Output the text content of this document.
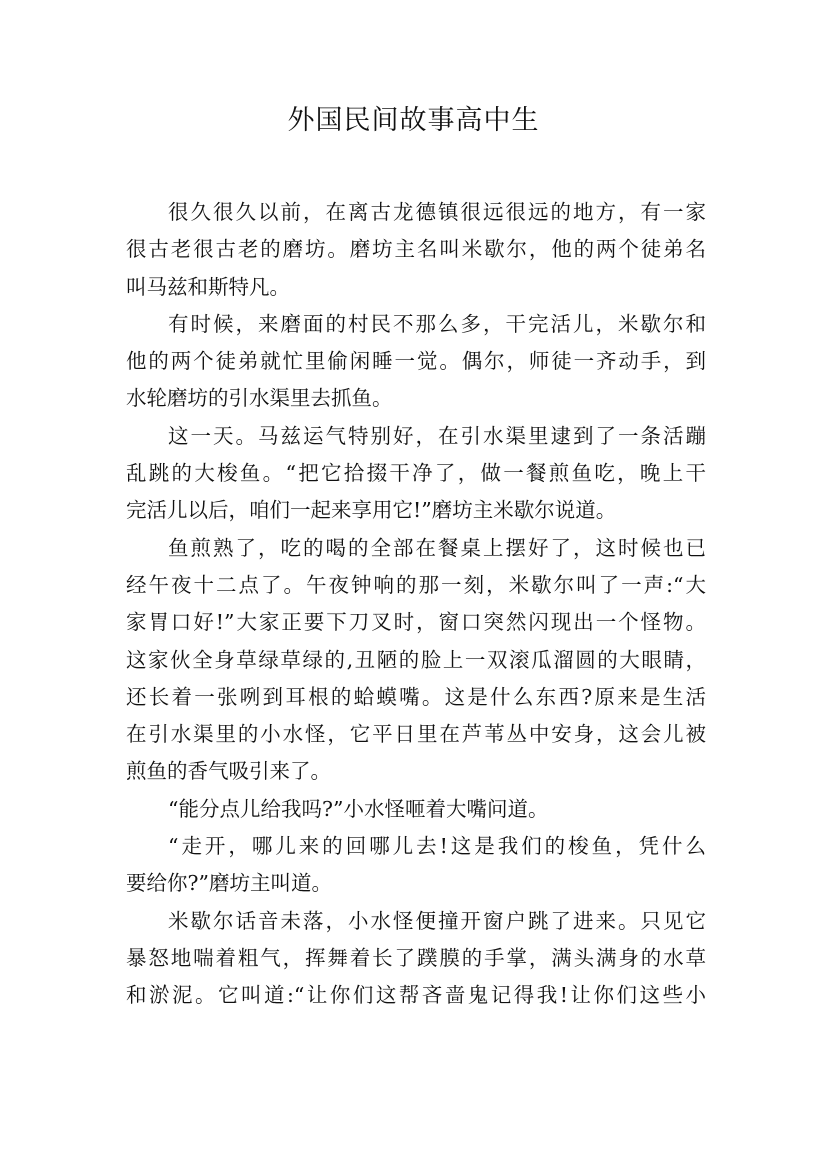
外国民间故事高中生
很久很久以前，在离古龙德镇很远很远的地方，有一家
很古老很古老的磨坊。磨坊主名叫米歇尔，他的两个徒弟名
叫马兹和斯特凡。
有时候，来磨面的村民不那么多，干完活儿，米歇尔和
他的两个徒弟就忙里偷闲睡一觉。偶尔，师徒一齐动手，到
水轮磨坊的引水渠里去抓鱼。
这一天。马兹运气特别好，在引水渠里逮到了一条活蹦
乱跳的大梭鱼。“把它拾掇干净了，做一餐煎鱼吃，晚上干
完活儿以后，咱们一起来享用它!”磨坊主米歇尔说道。
鱼煎熟了，吃的喝的全部在餐桌上摆好了，这时候也已
经午夜十二点了。午夜钟响的那一刻，米歇尔叫了一声:“大
家胃口好!”大家正要下刀叉时，窗口突然闪现出一个怪物。
这家伙全身草绿草绿的,丑陋的脸上一双滚瓜溜圆的大眼睛，
还长着一张咧到耳根的蛤蟆嘴。这是什么东西?原来是生活
在引水渠里的小水怪，它平日里在芦苇丛中安身，这会儿被
煎鱼的香气吸引来了。
“能分点儿给我吗?”小水怪咂着大嘴问道。
“走开，哪儿来的回哪儿去!这是我们的梭鱼，凭什么
要给你?”磨坊主叫道。
米歇尔话音未落，小水怪便撞开窗户跳了进来。只见它
暴怒地喘着粗气，挥舞着长了蹼膜的手掌，满头满身的水草
和淤泥。它叫道:“让你们这帮吝啬鬼记得我!让你们这些小
